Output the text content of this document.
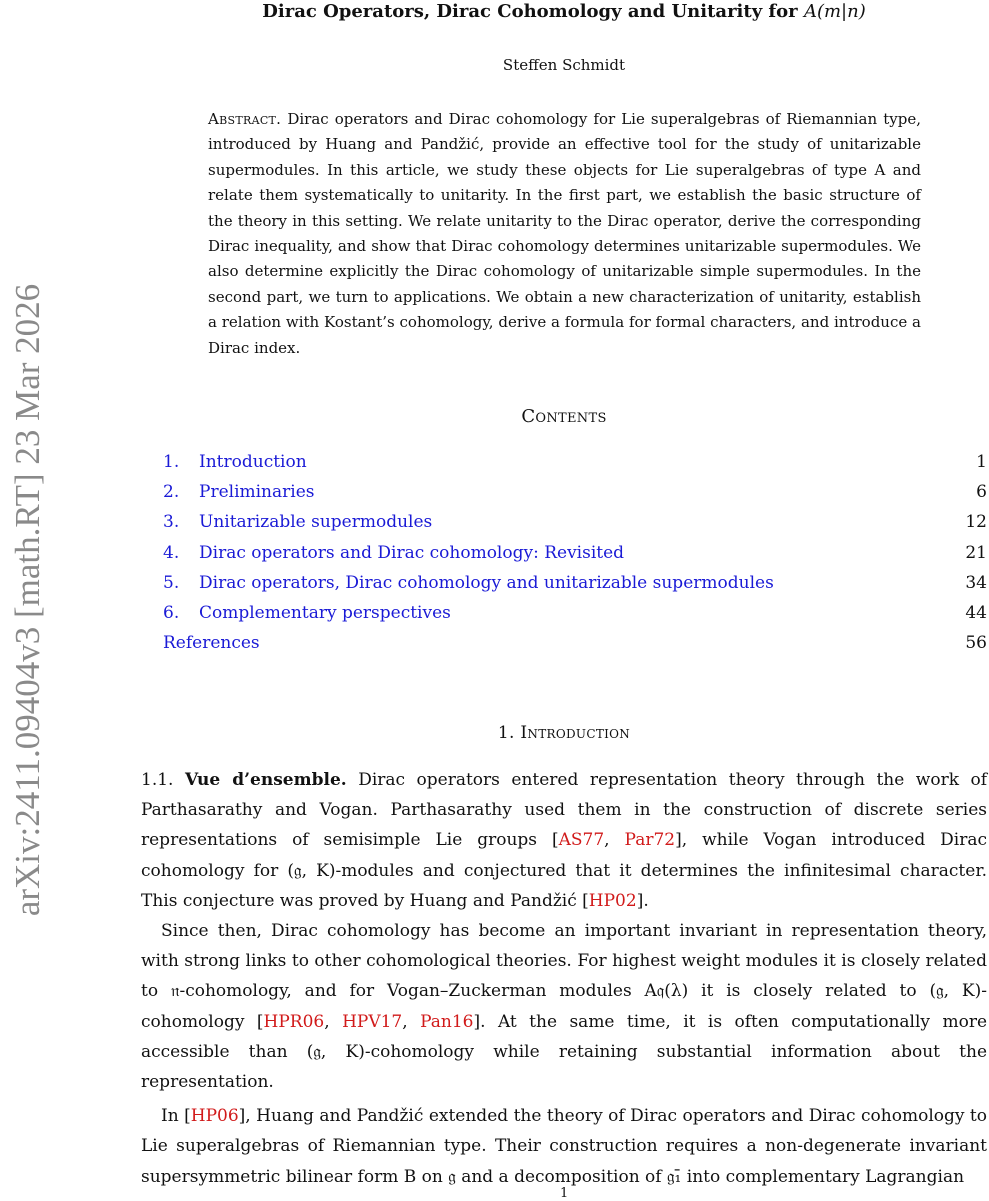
arXiv:2411.09404v3 [math.RT] 23 Mar 2026
Dirac Operators, Dirac Cohomology and Unitarity for A(m|n)
Steffen Schmidt
Abstract. Dirac operators and Dirac cohomology for Lie superalgebras of Riemannian type, introduced by Huang and Pandžić, provide an effective tool for the study of unitarizable supermodules. In this article, we study these objects for Lie superalgebras of type A and relate them systematically to unitarity. In the first part, we establish the basic structure of the theory in this setting. We relate unitarity to the Dirac operator, derive the corresponding Dirac inequality, and show that Dirac cohomology determines unitarizable supermodules. We also determine explicitly the Dirac cohomology of unitarizable simple supermodules. In the second part, we turn to applications. We obtain a new characterization of unitarity, establish a relation with Kostant’s cohomology, derive a formula for formal characters, and introduce a Dirac index.
Contents
1. Introduction	1
2. Preliminaries	6
3. Unitarizable supermodules	12
4. Dirac operators and Dirac cohomology: Revisited	21
5. Dirac operators, Dirac cohomology and unitarizable supermodules	34
6. Complementary perspectives	44
References	56
1. Introduction

1.1. Vue d’ensemble. Dirac operators entered representation theory through the work of Parthasarathy and Vogan. Parthasarathy used them in the construction of discrete series representations of semisimple Lie groups [AS77, Par72], while Vogan introduced Dirac cohomology for (𝔤, K)-modules and conjectured that it determines the infinitesimal character. This conjecture was proved by Huang and Pandžić [HP02].

Since then, Dirac cohomology has become an important invariant in representation theory, with strong links to other cohomological theories. For highest weight modules it is closely related to 𝔫-cohomology, and for Vogan–Zuckerman modules A𝔮(λ) it is closely related to (𝔤, K)-cohomology [HPR06, HPV17, Pan16]. At the same time, it is often computationally more accessible than (𝔤, K)-cohomology while retaining substantial information about the representation.

In [HP06], Huang and Pandžić extended the theory of Dirac operators and Dirac cohomology to Lie superalgebras of Riemannian type. Their construction requires a non-degenerate invariant supersymmetric bilinear form B on 𝔤 and a decomposition of 𝔤₁̄ into complementary Lagrangian

1
